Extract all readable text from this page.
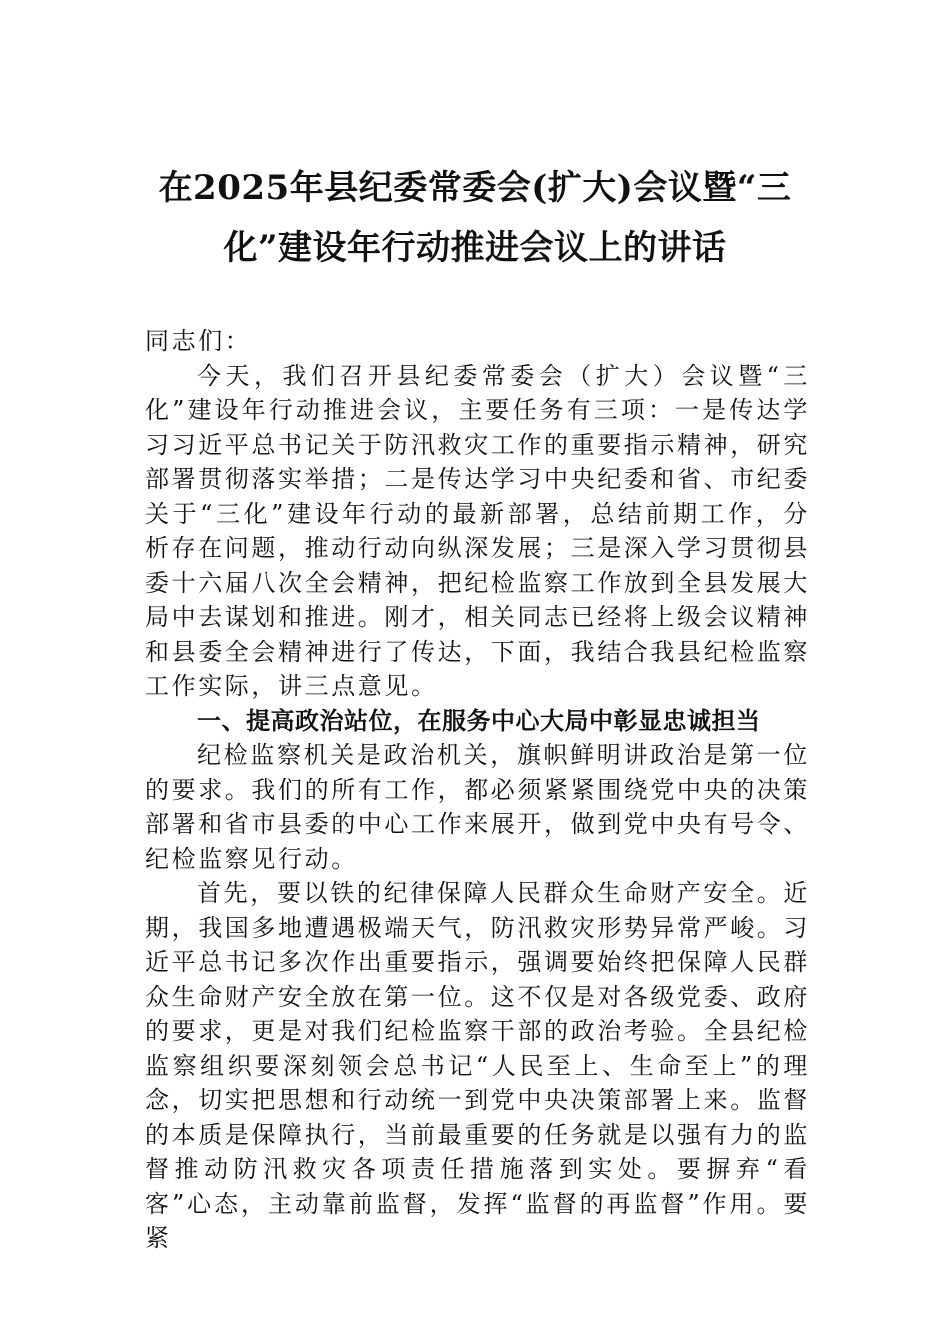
在2025年县纪委常委会(扩大)会议暨“三化”建设年行动推进会议上的讲话

同志们：

今天，我们召开县纪委常委会（扩大）会议暨“三化”建设年行动推进会议，主要任务有三项：一是传达学习习近平总书记关于防汛救灾工作的重要指示精神，研究部署贯彻落实举措；二是传达学习中央纪委和省、市纪委关于“三化”建设年行动的最新部署，总结前期工作，分析存在问题，推动行动向纵深发展；三是深入学习贯彻县委十六届八次全会精神，把纪检监察工作放到全县发展大局中去谋划和推进。刚才，相关同志已经将上级会议精神和县委全会精神进行了传达，下面，我结合我县纪检监察工作实际，讲三点意见。

一、提高政治站位，在服务中心大局中彰显忠诚担当

纪检监察机关是政治机关，旗帜鲜明讲政治是第一位的要求。我们的所有工作，都必须紧紧围绕党中央的决策部署和省市县委的中心工作来展开，做到党中央有号令、纪检监察见行动。

首先，要以铁的纪律保障人民群众生命财产安全。近期，我国多地遭遇极端天气，防汛救灾形势异常严峻。习近平总书记多次作出重要指示，强调要始终把保障人民群众生命财产安全放在第一位。这不仅是对各级党委、政府的要求，更是对我们纪检监察干部的政治考验。全县纪检监察组织要深刻领会总书记“人民至上、生命至上”的理念，切实把思想和行动统一到党中央决策部署上来。监督的本质是保障执行，当前最重要的任务就是以强有力的监督推动防汛救灾各项责任措施落到实处。要摒弃“看客”心态，主动靠前监督，发挥“监督的再监督”作用。要紧
